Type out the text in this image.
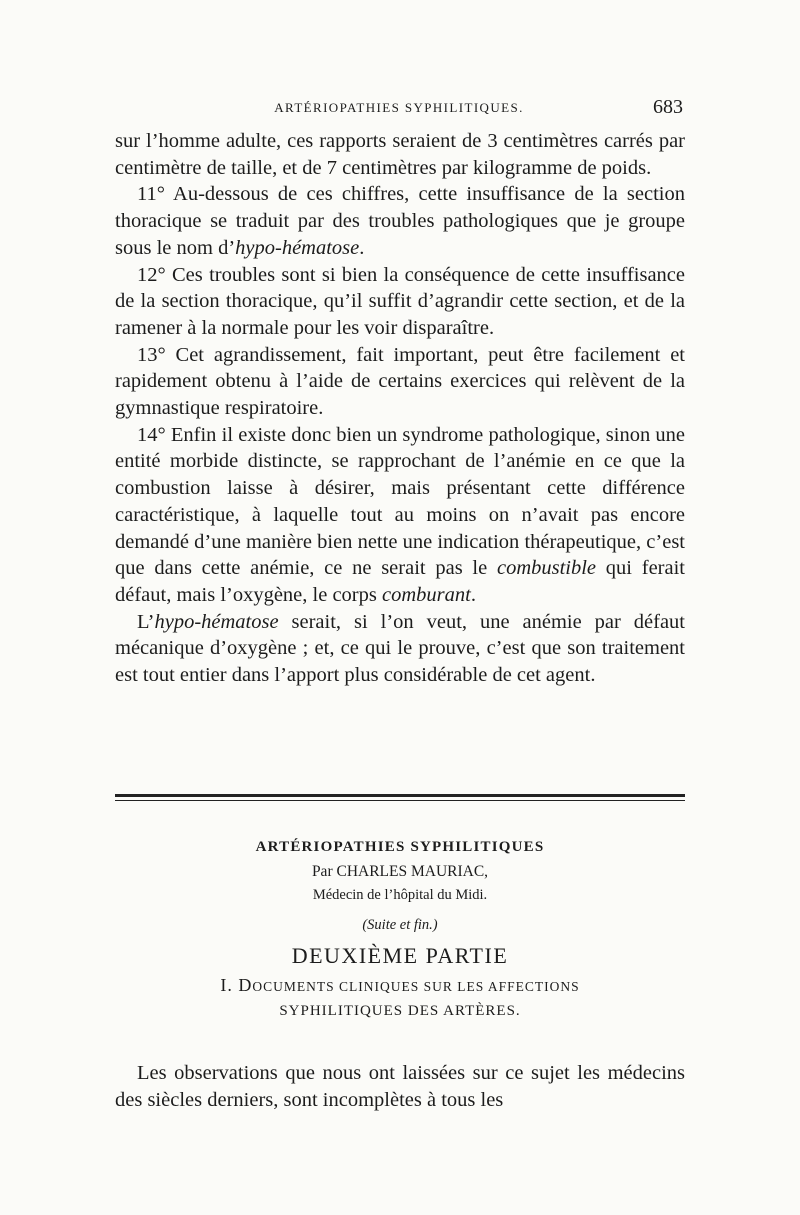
ARTÉRIOPATHIES SYPHILITIQUES.	683

sur l’homme adulte, ces rapports seraient de 3 centimètres carrés par centimètre de taille, et de 7 centimètres par kilogramme de poids.

11° Au-dessous de ces chiffres, cette insuffisance de la section thoracique se traduit par des troubles pathologiques que je groupe sous le nom d’hypo-hématose.

12° Ces troubles sont si bien la conséquence de cette insuffisance de la section thoracique, qu’il suffit d’agrandir cette section, et de la ramener à la normale pour les voir disparaître.

13° Cet agrandissement, fait important, peut être facilement et rapidement obtenu à l’aide de certains exercices qui relèvent de la gymnastique respiratoire.

14° Enfin il existe donc bien un syndrome pathologique, sinon une entité morbide distincte, se rapprochant de l’anémie en ce que la combustion laisse à désirer, mais présentant cette différence caractéristique, à laquelle tout au moins on n’avait pas encore demandé d’une manière bien nette une indication thérapeutique, c’est que dans cette anémie, ce ne serait pas le combustible qui ferait défaut, mais l’oxygène, le corps comburant.

L’hypo-hématose serait, si l’on veut, une anémie par défaut mécanique d’oxygène ; et, ce qui le prouve, c’est que son traitement est tout entier dans l’apport plus considérable de cet agent.

ARTÉRIOPATHIES SYPHILITIQUES
Par CHARLES MAURIAC,
Médecin de l’hôpital du Midi.
(Suite et fin.)
DEUXIÈME PARTIE
I. DOCUMENTS CLINIQUES SUR LES AFFECTIONS
SYPHILITIQUES DES ARTÈRES.

Les observations que nous ont laissées sur ce sujet les médecins des siècles derniers, sont incomplètes à tous les
